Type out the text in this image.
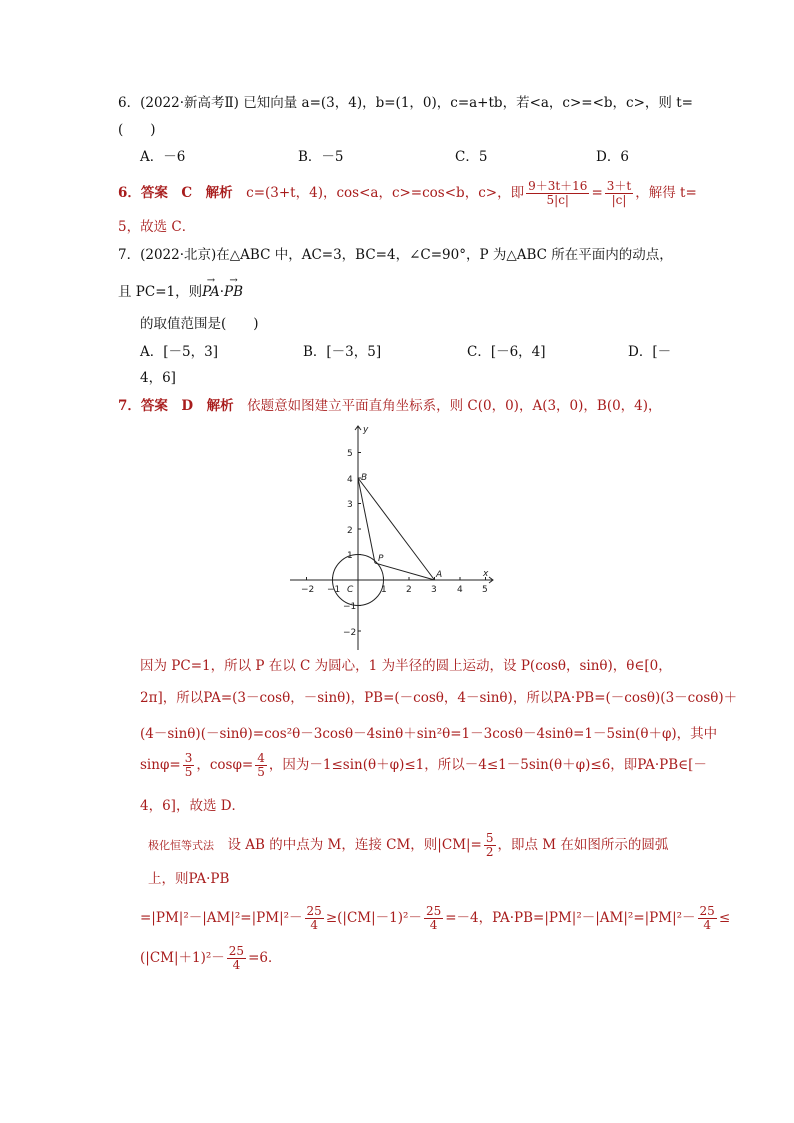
6．(2022·新高考Ⅱ) 已知向量 a=(3，4)，b=(1，0)，c=a+tb，若<a，c>=<b，c>，则 t=
(　　)
A．－6	B．－5	C．5	D．6
6．答案　C　解析　c=(3+t，4)，cos<a，c>=cos<b，c>，即 $\frac{9+3t+16}{5|c|} = \frac{3+t}{|c|}$ ，解得 t=
5，故选 C．
7．(2022·北京)在△ABC 中，AC=3，BC=4，∠C=90°，P 为△ABC 所在平面内的动点，
且 PC=1，则→ PA·→ PB
的取值范围是(　　)
A．[－5，3]	B．[－3，5]	C．[－6，4]	D．[－
4，6]
7．答案　D　解析　依题意如图建立平面直角坐标系，则 C(0，0)，A(3，0)，B(0，4)，
x
y
C
A
B
P
−2 −1	1 2 3 4 5
5
4
3
2
1
−1
−2
因为 PC=1，所以 P 在以 C 为圆心，1 为半径的圆上运动，设 P(cosθ，sinθ)，θ∈[0，
2π]，所以PA=(3－cosθ，－sinθ)，PB=(－cosθ，4－sinθ)，所以PA·PB=(－cosθ)(3－cosθ)＋
(4－sinθ)(－sinθ)=cos²θ－3cosθ－4sinθ＋sin²θ=1－3cosθ－4sinθ=1－5sin(θ＋φ)，其中
$\sin\varphi= \frac{3}{5}$ ，$\cos\varphi= \frac{4}{5}$ ，因为－1≤sin(θ＋φ)≤1，所以－4≤1－5sin(θ＋φ)≤6，即PA·PB∈[－
4，6]，故选 D．
极化恒等式法　设 AB 的中点为 M，连接 CM，则$|CM|= \frac{5}{2}$ ，即点 M 在如图所示的圆弧
上，则PA·PB
$=|PM|^2-|AM|^2=|PM|^2- \frac{25}{4} \ge(|CM|-1)^2- \frac{25}{4} =-4$，$PA\cdot PB=|PM|^2-|AM|^2=|PM|^2- \frac{25}{4}$ ≤
$(|CM|+1)^2- \frac{25}{4} =6$．
